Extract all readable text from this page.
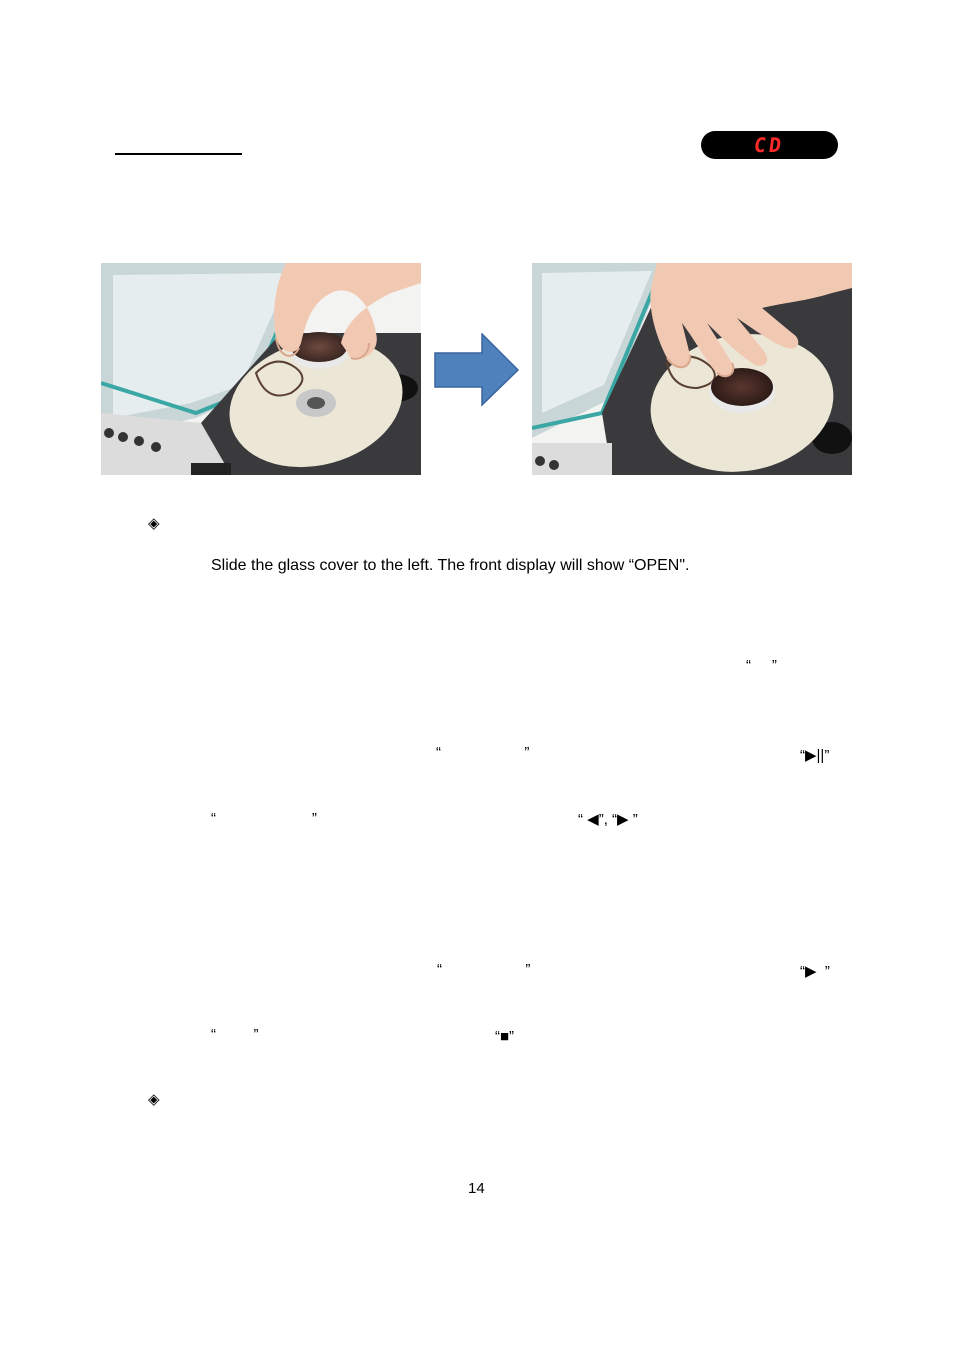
CD
◈
Slide the glass cover to the left. The front display will show “OPEN".
“     ”
“                    ”	“▶||”
“                       ”	“ ◀”, “▶ ”
“                    ”	“▶  ”
“         ”	“■”
◈
14
